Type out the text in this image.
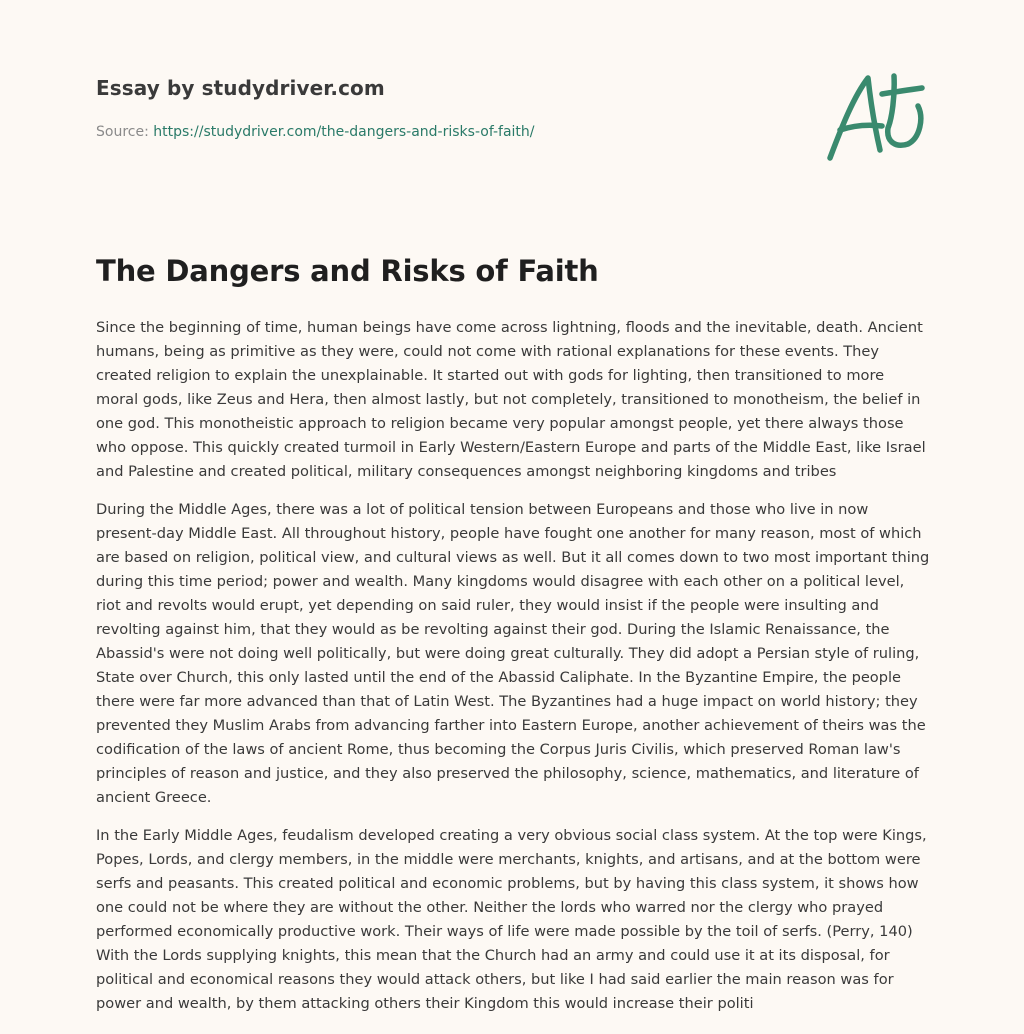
Essay by studydriver.com
Source: https://studydriver.com/the-dangers-and-risks-of-faith/
The Dangers and Risks of Faith

Since the beginning of time, human beings have come across lightning, floods and the inevitable, death. Ancient humans, being as primitive as they were, could not come with rational explanations for these events. They created religion to explain the unexplainable. It started out with gods for lighting, then transitioned to more moral gods, like Zeus and Hera, then almost lastly, but not completely, transitioned to monotheism, the belief in one god. This monotheistic approach to religion became very popular amongst people, yet there always those who oppose. This quickly created turmoil in Early Western/Eastern Europe and parts of the Middle East, like Israel and Palestine and created political, military consequences amongst neighboring kingdoms and tribes

During the Middle Ages, there was a lot of political tension between Europeans and those who live in now present-day Middle East. All throughout history, people have fought one another for many reason, most of which are based on religion, political view, and cultural views as well. But it all comes down to two most important thing during this time period; power and wealth. Many kingdoms would disagree with each other on a political level, riot and revolts would erupt, yet depending on said ruler, they would insist if the people were insulting and revolting against him, that they would as be revolting against their god. During the Islamic Renaissance, the Abassid's were not doing well politically, but were doing great culturally. They did adopt a Persian style of ruling, State over Church, this only lasted until the end of the Abassid Caliphate. In the Byzantine Empire, the people there were far more advanced than that of Latin West. The Byzantines had a huge impact on world history; they prevented they Muslim Arabs from advancing farther into Eastern Europe, another achievement of theirs was the codification of the laws of ancient Rome, thus becoming the Corpus Juris Civilis, which preserved Roman law's principles of reason and justice, and they also preserved the philosophy, science, mathematics, and literature of ancient Greece.

In the Early Middle Ages, feudalism developed creating a very obvious social class system. At the top were Kings, Popes, Lords, and clergy members, in the middle were merchants, knights, and artisans, and at the bottom were serfs and peasants. This created political and economic problems, but by having this class system, it shows how one could not be where they are without the other. Neither the lords who warred nor the clergy who prayed performed economically productive work. Their ways of life were made possible by the toil of serfs. (Perry, 140) With the Lords supplying knights, this mean that the Church had an army and could use it at its disposal, for political and economical reasons they would attack others, but like I had said earlier the main reason was for power and wealth, by them attacking others their Kingdom this would increase their politi
